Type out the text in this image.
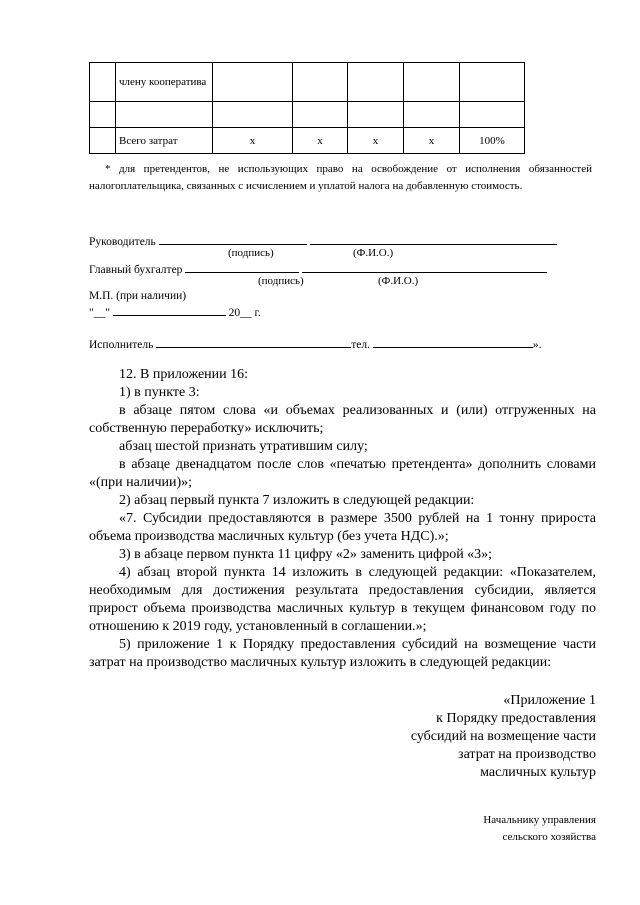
	члену кооператива					

	Всего затрат	х	х	х	х	100%
* для претендентов, не использующих право на освобождение от исполнения обязанностей налогоплательщика, связанных с исчислением и уплатой налога на добавленную стоимость.
Руководитель
(подпись)	(Ф.И.О.)
Главный бухгалтер
(подпись)	(Ф.И.О.)
М.П. (при наличии)
"__"	20__ г.
Исполнитель	тел.	».

12. В приложении 16:

1) в пункте 3:

в абзаце пятом слова «и объемах реализованных и (или) отгруженных на собственную переработку» исключить;

абзац шестой признать утратившим силу;

в абзаце двенадцатом после слов «печатью претендента» дополнить словами «(при наличии)»;

2) абзац первый пункта 7 изложить в следующей редакции:

«7. Субсидии предоставляются в размере 3500 рублей на 1 тонну прироста объема производства масличных культур (без учета НДС).»;

3) в абзаце первом пункта 11 цифру «2» заменить цифрой «3»;

4) абзац второй пункта 14 изложить в следующей редакции: «Показателем, необходимым для достижения результата предоставления субсидии, является прирост объема производства масличных культур в текущем финансовом году по отношению к 2019 году, установленный в соглашении.»;

5) приложение 1 к Порядку предоставления субсидий на возмещение части затрат на производство масличных культур изложить в следующей редакции:

«Приложение 1
к Порядку предоставления
субсидий на возмещение части
затрат на производство
масличных культур
Начальнику управления
сельского хозяйства
